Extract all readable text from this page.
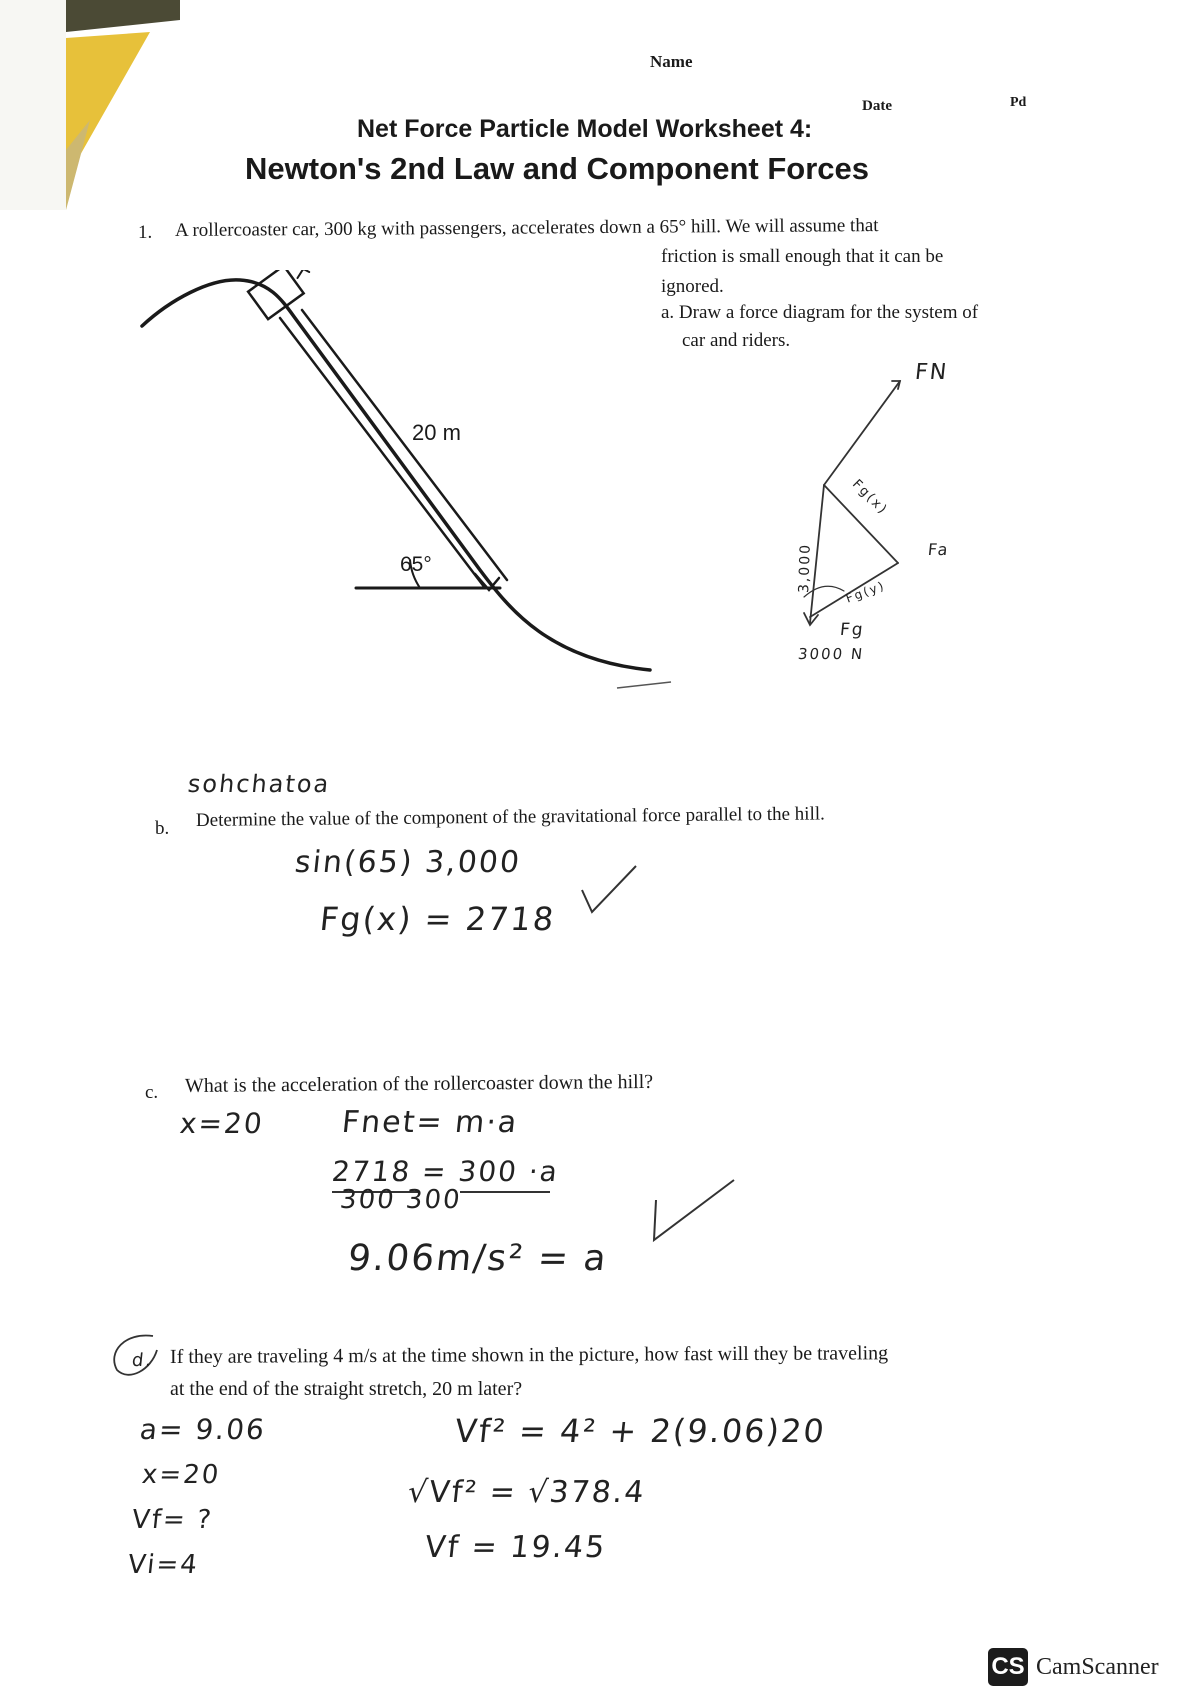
Name
Date	Pd
Net Force Particle Model Worksheet 4:
Newton's 2nd Law and Component Forces
1. A rollercoaster car, 300 kg with passengers, accelerates down a 65° hill. We will assume that
friction is small enough that it can be
ignored.
a. Draw a force diagram for the system of
car and riders.
20 m
65°
FN
Fg(x)
Fa
Fg(y)
Fg
3000 N
3,000
sohchatoa
b. Determine the value of the component of the gravitational force parallel to the hill.
sin(65) 3,000
Fg(x) = 2718
c. What is the acceleration of the rollercoaster down the hill?
x=20 Fnet= m·a
2718 = 300 ·a
300 300
9.06m/s² = a
d. If they are traveling 4 m/s at the time shown in the picture, how fast will they be traveling
at the end of the straight stretch, 20 m later?
a= 9.06
x=20
Vf= ?
Vi=4
Vf² = 4² + 2(9.06)20
√Vf² = √378.4
Vf = 19.45
CS CamScanner
